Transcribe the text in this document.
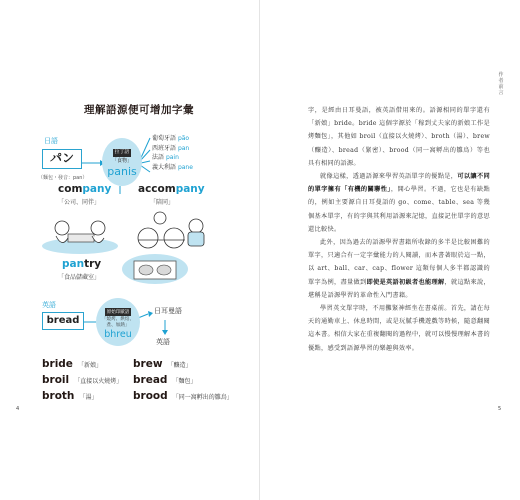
理解語源便可增加字彙
日語
パン
（麵包・發音：pan）
拉丁語
「食物」
panis
葡萄牙語 pão
西班牙語 pan
法語 pain
義大利語 pane
company
「公司、同伴」
accompany
「陪同」
pantry
「食品儲藏室」
英語
bread
原始印歐語
「燒烤、烘焙、
煮、加熱」
bhreu
日耳曼語
英語
bride 「新娘」	brew 「釀造」
broil 「直接以火燒烤」 bread 「麵包」
broth 「湯」	brood 「同一窩孵出的雛鳥」
4
作者前言

字，是經由日耳曼語，被英語借用來的。語源相同的單字還有「新娘」bride。bride 這個字源於「稼到丈夫家的新娘工作是烤麵包」，其他如 broil（直接以火燒烤）、broth（湯）、brew（釀造）、bread（緊密）、brood（同一窩孵出的雛鳥）等也具有相同的語源。

就像這樣，透過語源來學習英語單字的優點是，可以讓不同的單字擁有「有機的關聯性」，開心學習。不過，它也是有缺點的，例如主要源自日耳曼語的 go、come、table、sea 等幾個基本單字，有的字與其利用語源來記憶，直接記住單字的意思還比較快。

此外，因為過去的語源學習書籍所收錄的多半是比較困難的單字，只適合有一定字彙能力的人閱讀，而本書著眼於這一點，以 art、ball、car、cap、flower 這類每個人多半都認識的單字為例，盡量做到即使是英語初級者也能理解，就這點來說，堪稱是語源學習的革命性入門書籍。

學習英文單字時，不用攤緊神經坐在書桌前。首先，請在每天的通勤車上、休息時間，或是玩膩手機遊戲等時候，隨意翻閱這本書。相信大家在重複翻閱的過程中，就可以慢慢理解本書的優點，感受到語源學習的樂趣與效率。

5
